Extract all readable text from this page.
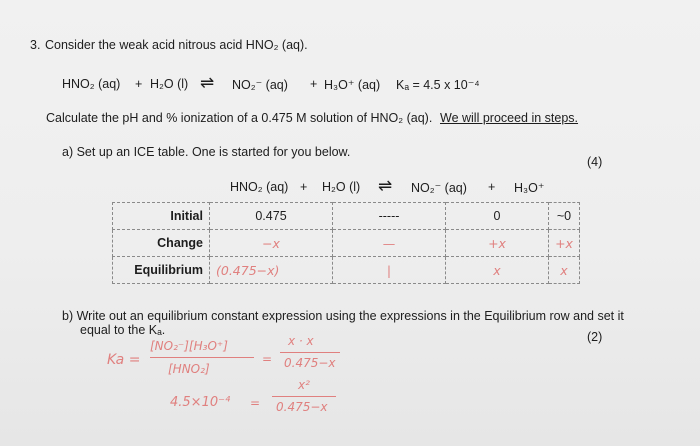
3. Consider the weak acid nitrous acid HNO₂ (aq).
HNO₂ (aq) + H₂O (l) ⇌ NO₂⁻ (aq) + H₃O⁺ (aq) Kₐ = 4.5 x 10⁻⁴
Calculate the pH and % ionization of a 0.475 M solution of HNO₂ (aq). We will proceed in steps.
a) Set up an ICE table. One is started for you below.
(4)
HNO₂ (aq) + H₂O (l) ⇌ NO₂⁻ (aq) + H₃O⁺
Initial	0.475	-----	0	~0
Change	−x	—	+x	+x
Equilibrium	(0.475−x)	|	x	x
b) Write out an equilibrium constant expression using the expressions in the Equilibrium row and set it
equal to the Kₐ.	(2)
Ka =
[NO₂⁻][H₃O⁺]
[HNO₂]
=
x · x
0.475−x
4.5×10⁻⁴ =
x²
0.475−x
